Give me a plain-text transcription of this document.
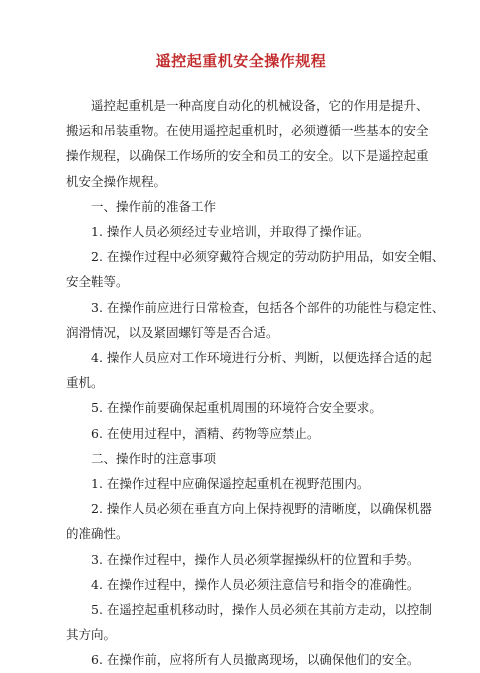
遥控起重机安全操作规程

遥控起重机是一种高度自动化的机械设备，它的作用是提升、
搬运和吊装重物。在使用遥控起重机时，必须遵循一些基本的安全
操作规程，以确保工作场所的安全和员工的安全。以下是遥控起重
机安全操作规程。

一、操作前的准备工作

1. 操作人员必须经过专业培训，并取得了操作证。

2. 在操作过程中必须穿戴符合规定的劳动防护用品，如安全帽、
安全鞋等。

3. 在操作前应进行日常检查，包括各个部件的功能性与稳定性、
润滑情况，以及紧固螺钉等是否合适。

4. 操作人员应对工作环境进行分析、判断，以便选择合适的起
重机。

5. 在操作前要确保起重机周围的环境符合安全要求。

6. 在使用过程中，酒精、药物等应禁止。

二、操作时的注意事项

1. 在操作过程中应确保遥控起重机在视野范围内。

2. 操作人员必须在垂直方向上保持视野的清晰度，以确保机器
的准确性。

3. 在操作过程中，操作人员必须掌握操纵杆的位置和手势。

4. 在操作过程中，操作人员必须注意信号和指令的准确性。

5. 在遥控起重机移动时，操作人员必须在其前方走动，以控制
其方向。

6. 在操作前，应将所有人员撤离现场，以确保他们的安全。
